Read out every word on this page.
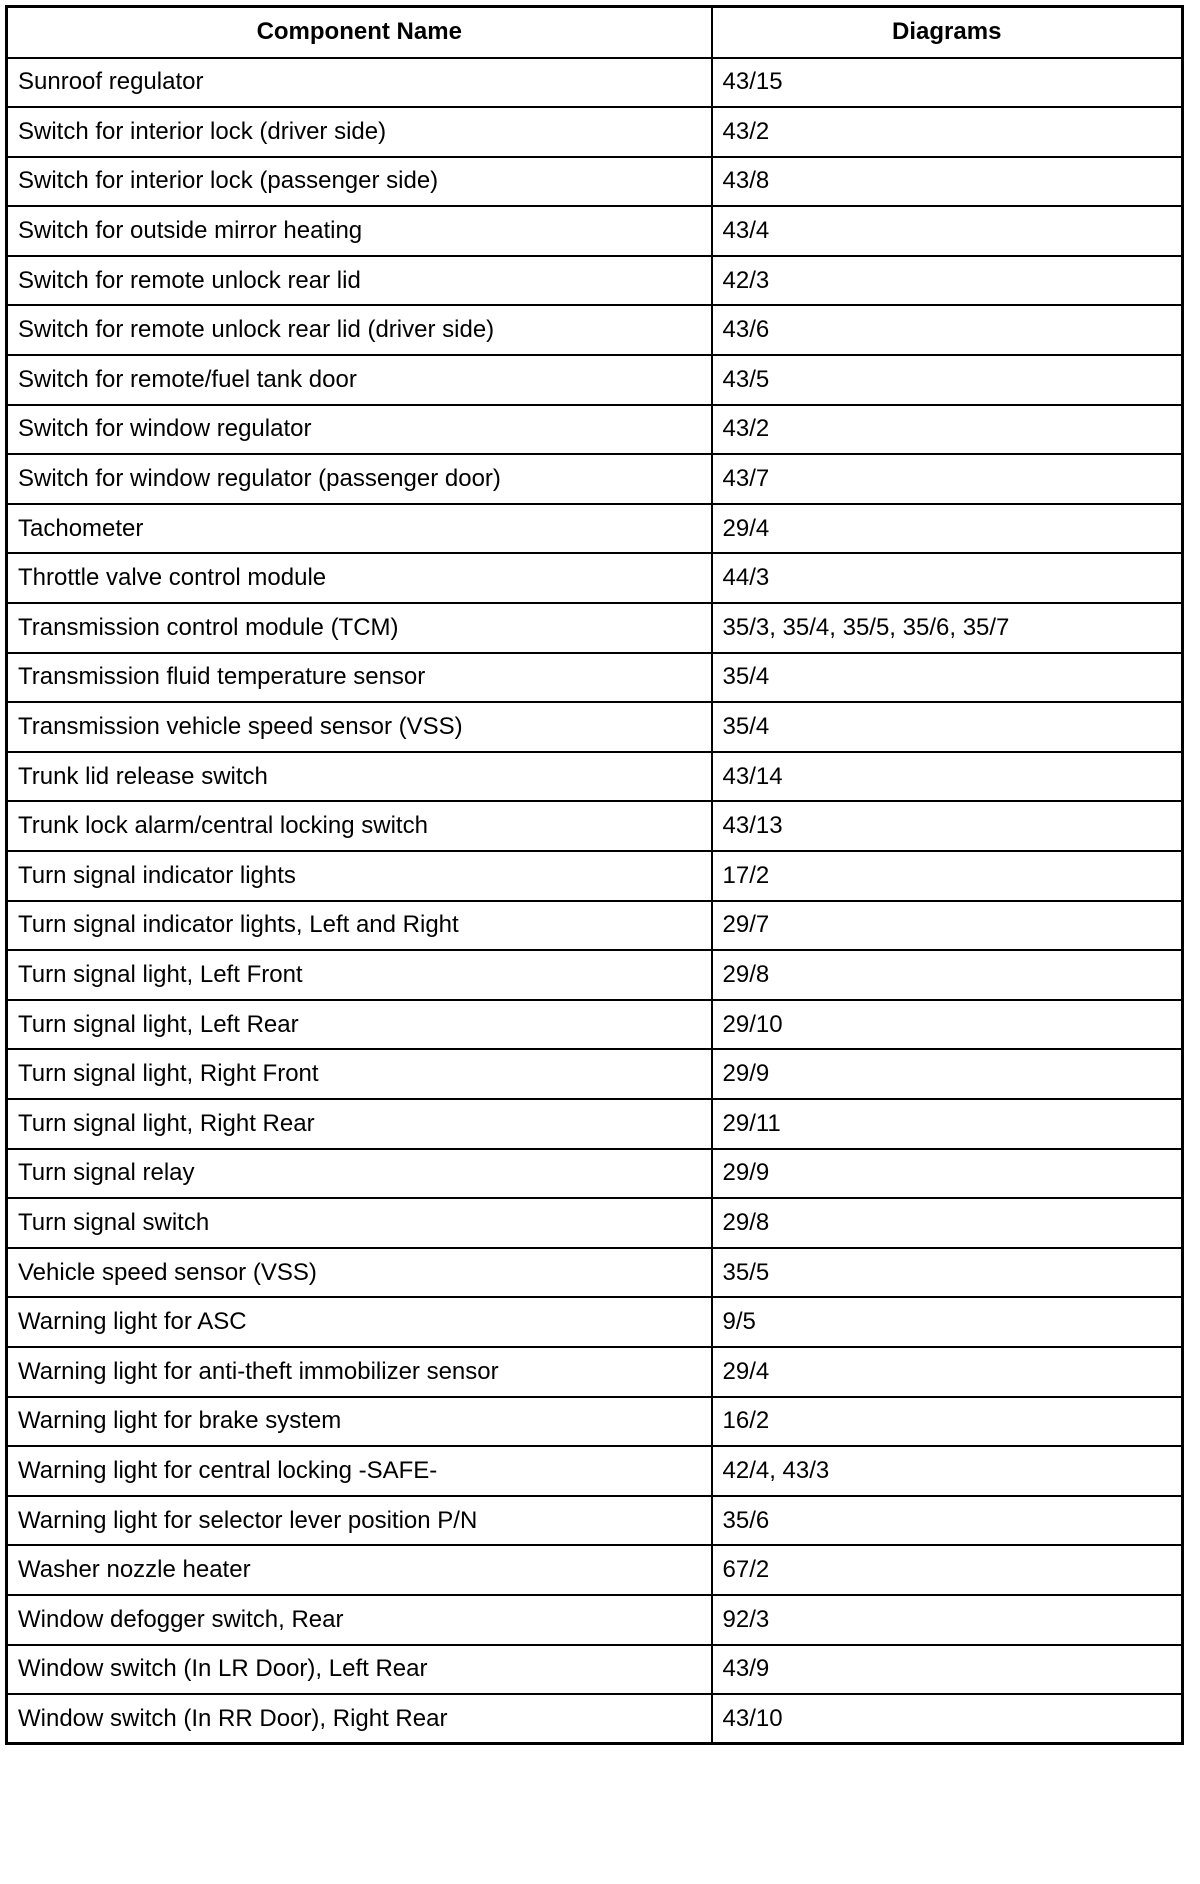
Component Name	Diagrams
Sunroof regulator	43/15
Switch for interior lock (driver side)	43/2
Switch for interior lock (passenger side)	43/8
Switch for outside mirror heating	43/4
Switch for remote unlock rear lid	42/3
Switch for remote unlock rear lid (driver side)	43/6
Switch for remote/fuel tank door	43/5
Switch for window regulator	43/2
Switch for window regulator (passenger door)	43/7
Tachometer	29/4
Throttle valve control module	44/3
Transmission control module (TCM)	35/3, 35/4, 35/5, 35/6, 35/7
Transmission fluid temperature sensor	35/4
Transmission vehicle speed sensor (VSS)	35/4
Trunk lid release switch	43/14
Trunk lock alarm/central locking switch	43/13
Turn signal indicator lights	17/2
Turn signal indicator lights, Left and Right	29/7
Turn signal light, Left Front	29/8
Turn signal light, Left Rear	29/10
Turn signal light, Right Front	29/9
Turn signal light, Right Rear	29/11
Turn signal relay	29/9
Turn signal switch	29/8
Vehicle speed sensor (VSS)	35/5
Warning light for ASC	9/5
Warning light for anti-theft immobilizer sensor	29/4
Warning light for brake system	16/2
Warning light for central locking -SAFE-	42/4, 43/3
Warning light for selector lever position P/N	35/6
Washer nozzle heater	67/2
Window defogger switch, Rear	92/3
Window switch (In LR Door), Left Rear	43/9
Window switch (In RR Door), Right Rear	43/10
